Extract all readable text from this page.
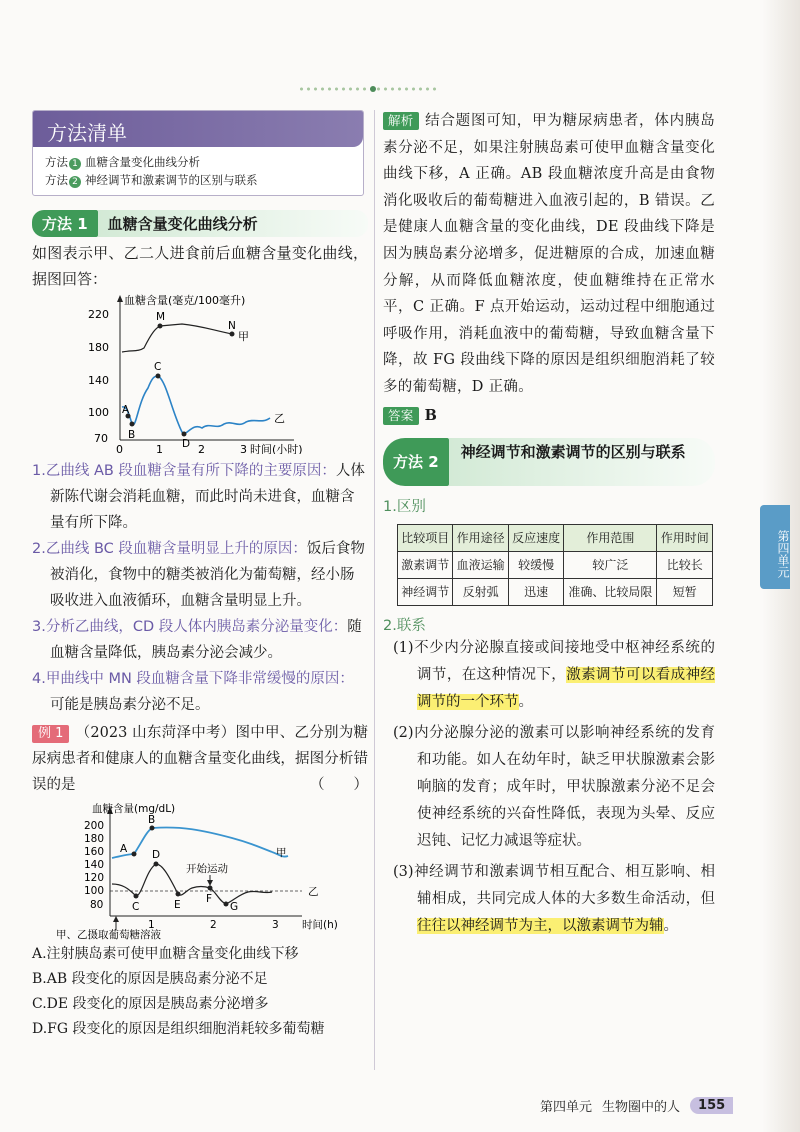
方法清单
方法 1 血糖含量变化曲线分析
方法 2 神经调节和激素调节的区别与联系
方法 1	血糖含量变化曲线分析
如图表示甲、乙二人进食前后血糖含量变化曲线，据图回答：
血糖含量(毫克/100毫升)
220
180
140
100
70
0	1	2	3 时间(小时)
M
N
A
B
C
D
甲
乙
1.乙曲线 AB 段血糖含量有所下降的主要原因：人体新陈代谢会消耗血糖，而此时尚未进食，血糖含量有所下降。
2.乙曲线 BC 段血糖含量明显上升的原因：饭后食物被消化，食物中的糖类被消化为葡萄糖，经小肠吸收进入血液循环，血糖含量明显上升。
3.分析乙曲线，CD 段人体内胰岛素分泌量变化：随血糖含量降低，胰岛素分泌会减少。
4.甲曲线中 MN 段血糖含量下降非常缓慢的原因：可能是胰岛素分泌不足。
例 1 （2023 山东菏泽中考）图中甲、乙分别为糖尿病患者和健康人的血糖含量变化曲线，据图分析错误的是	（　　）
血糖含量(mg/dL)
200
180
160
140
120
100
80
A
B
C
D
E F
G
开始运动
1	2	3 时间(h)
甲、乙摄取葡萄糖溶液
甲
乙
A.注射胰岛素可使甲血糖含量变化曲线下移
B.AB 段变化的原因是胰岛素分泌不足
C.DE 段变化的原因是胰岛素分泌增多
D.FG 段变化的原因是组织细胞消耗较多葡萄糖
解析 结合题图可知，甲为糖尿病患者，体内胰岛素分泌不足，如果注射胰岛素可使甲血糖含量变化曲线下移，A 正确。AB 段血糖浓度升高是由食物消化吸收后的葡萄糖进入血液引起的，B 错误。乙是健康人血糖含量的变化曲线，DE 段曲线下降是因为胰岛素分泌增多，促进糖原的合成，加速血糖分解，从而降低血糖浓度，使血糖维持在正常水平，C 正确。F 点开始运动，运动过程中细胞通过呼吸作用，消耗血液中的葡萄糖，导致血糖含量下降，故 FG 段曲线下降的原因是组织细胞消耗了较多的葡萄糖，D 正确。
答案 B
方法 2
神经调节和激素调节的区别与联系
1.区别
比较项目	作用途径	反应速度	作用范围	作用时间
激素调节	血液运输	较缓慢	较广泛	比较长
神经调节	反射弧	迅速	准确、比较局限	短暂
2.联系
(1)不少内分泌腺直接或间接地受中枢神经系统的调节，在这种情况下，激素调节可以看成神经调节的一个环节。
(2)内分泌腺分泌的激素可以影响神经系统的发育和功能。如人在幼年时，缺乏甲状腺激素会影响脑的发育；成年时，甲状腺激素分泌不足会使神经系统的兴奋性降低，表现为头晕、反应迟钝、记忆力减退等症状。
(3)神经调节和激素调节相互配合、相互影响、相辅相成，共同完成人体的大多数生命活动，但往往以神经调节为主，以激素调节为辅。
第四单元
第四单元 生物圈中的人	155
